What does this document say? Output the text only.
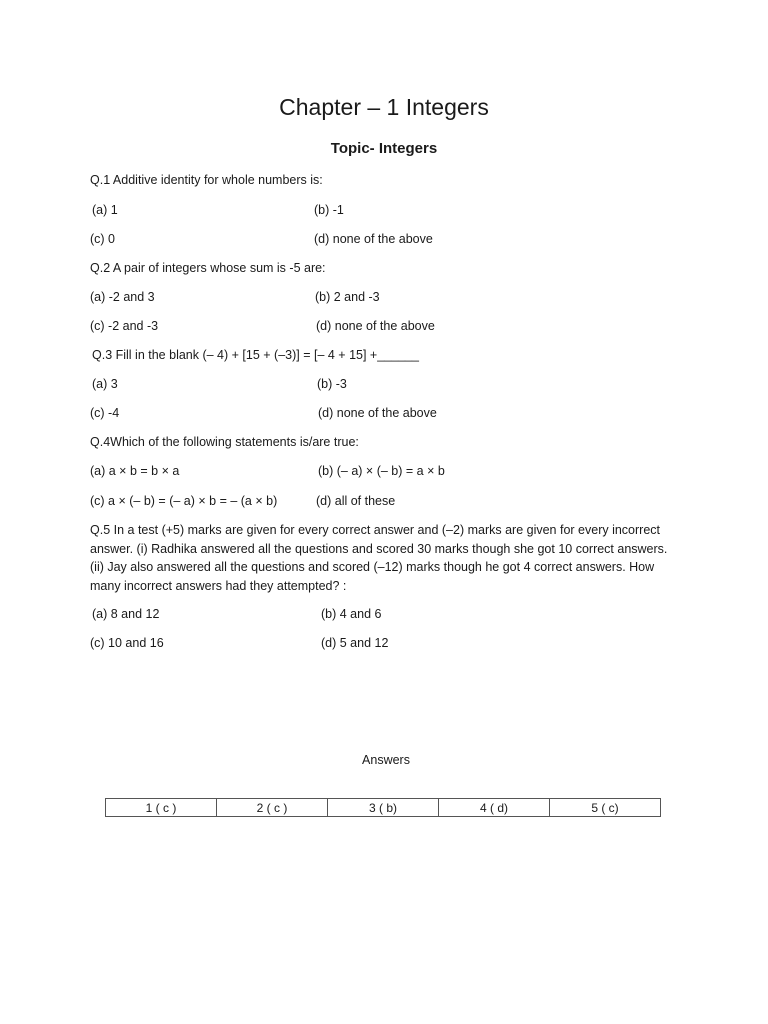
Chapter – 1 Integers
Topic- Integers
Q.1 Additive identity for whole numbers is:
(a) 1	(b) -1
(c) 0	(d) none of the above
Q.2 A pair of integers whose sum is -5 are:
(a) -2 and 3	(b) 2 and -3
(c) -2 and -3	(d) none of the above
Q.3 Fill in the blank (– 4) + [15 + (–3)] = [– 4 + 15] +______
(a) 3	(b) -3
(c) -4	(d) none of the above
Q.4Which of the following statements is/are true:
(a) a × b = b × a	(b) (– a) × (– b) = a × b
(c) a × (– b) = (– a) × b = – (a × b)	(d) all of these
Q.5 In a test (+5) marks are given for every correct answer and (–2) marks are given for every incorrect answer. (i) Radhika answered all the questions and scored 30 marks though she got 10 correct answers. (ii) Jay also answered all the questions and scored (–12) marks though he got 4 correct answers. How many incorrect answers had they attempted? :
(a) 8 and 12	(b) 4 and 6
(c) 10 and 16	(d) 5 and 12
Answers
1 ( c )	2 ( c )	3 ( b)	4 ( d)	5 ( c)
